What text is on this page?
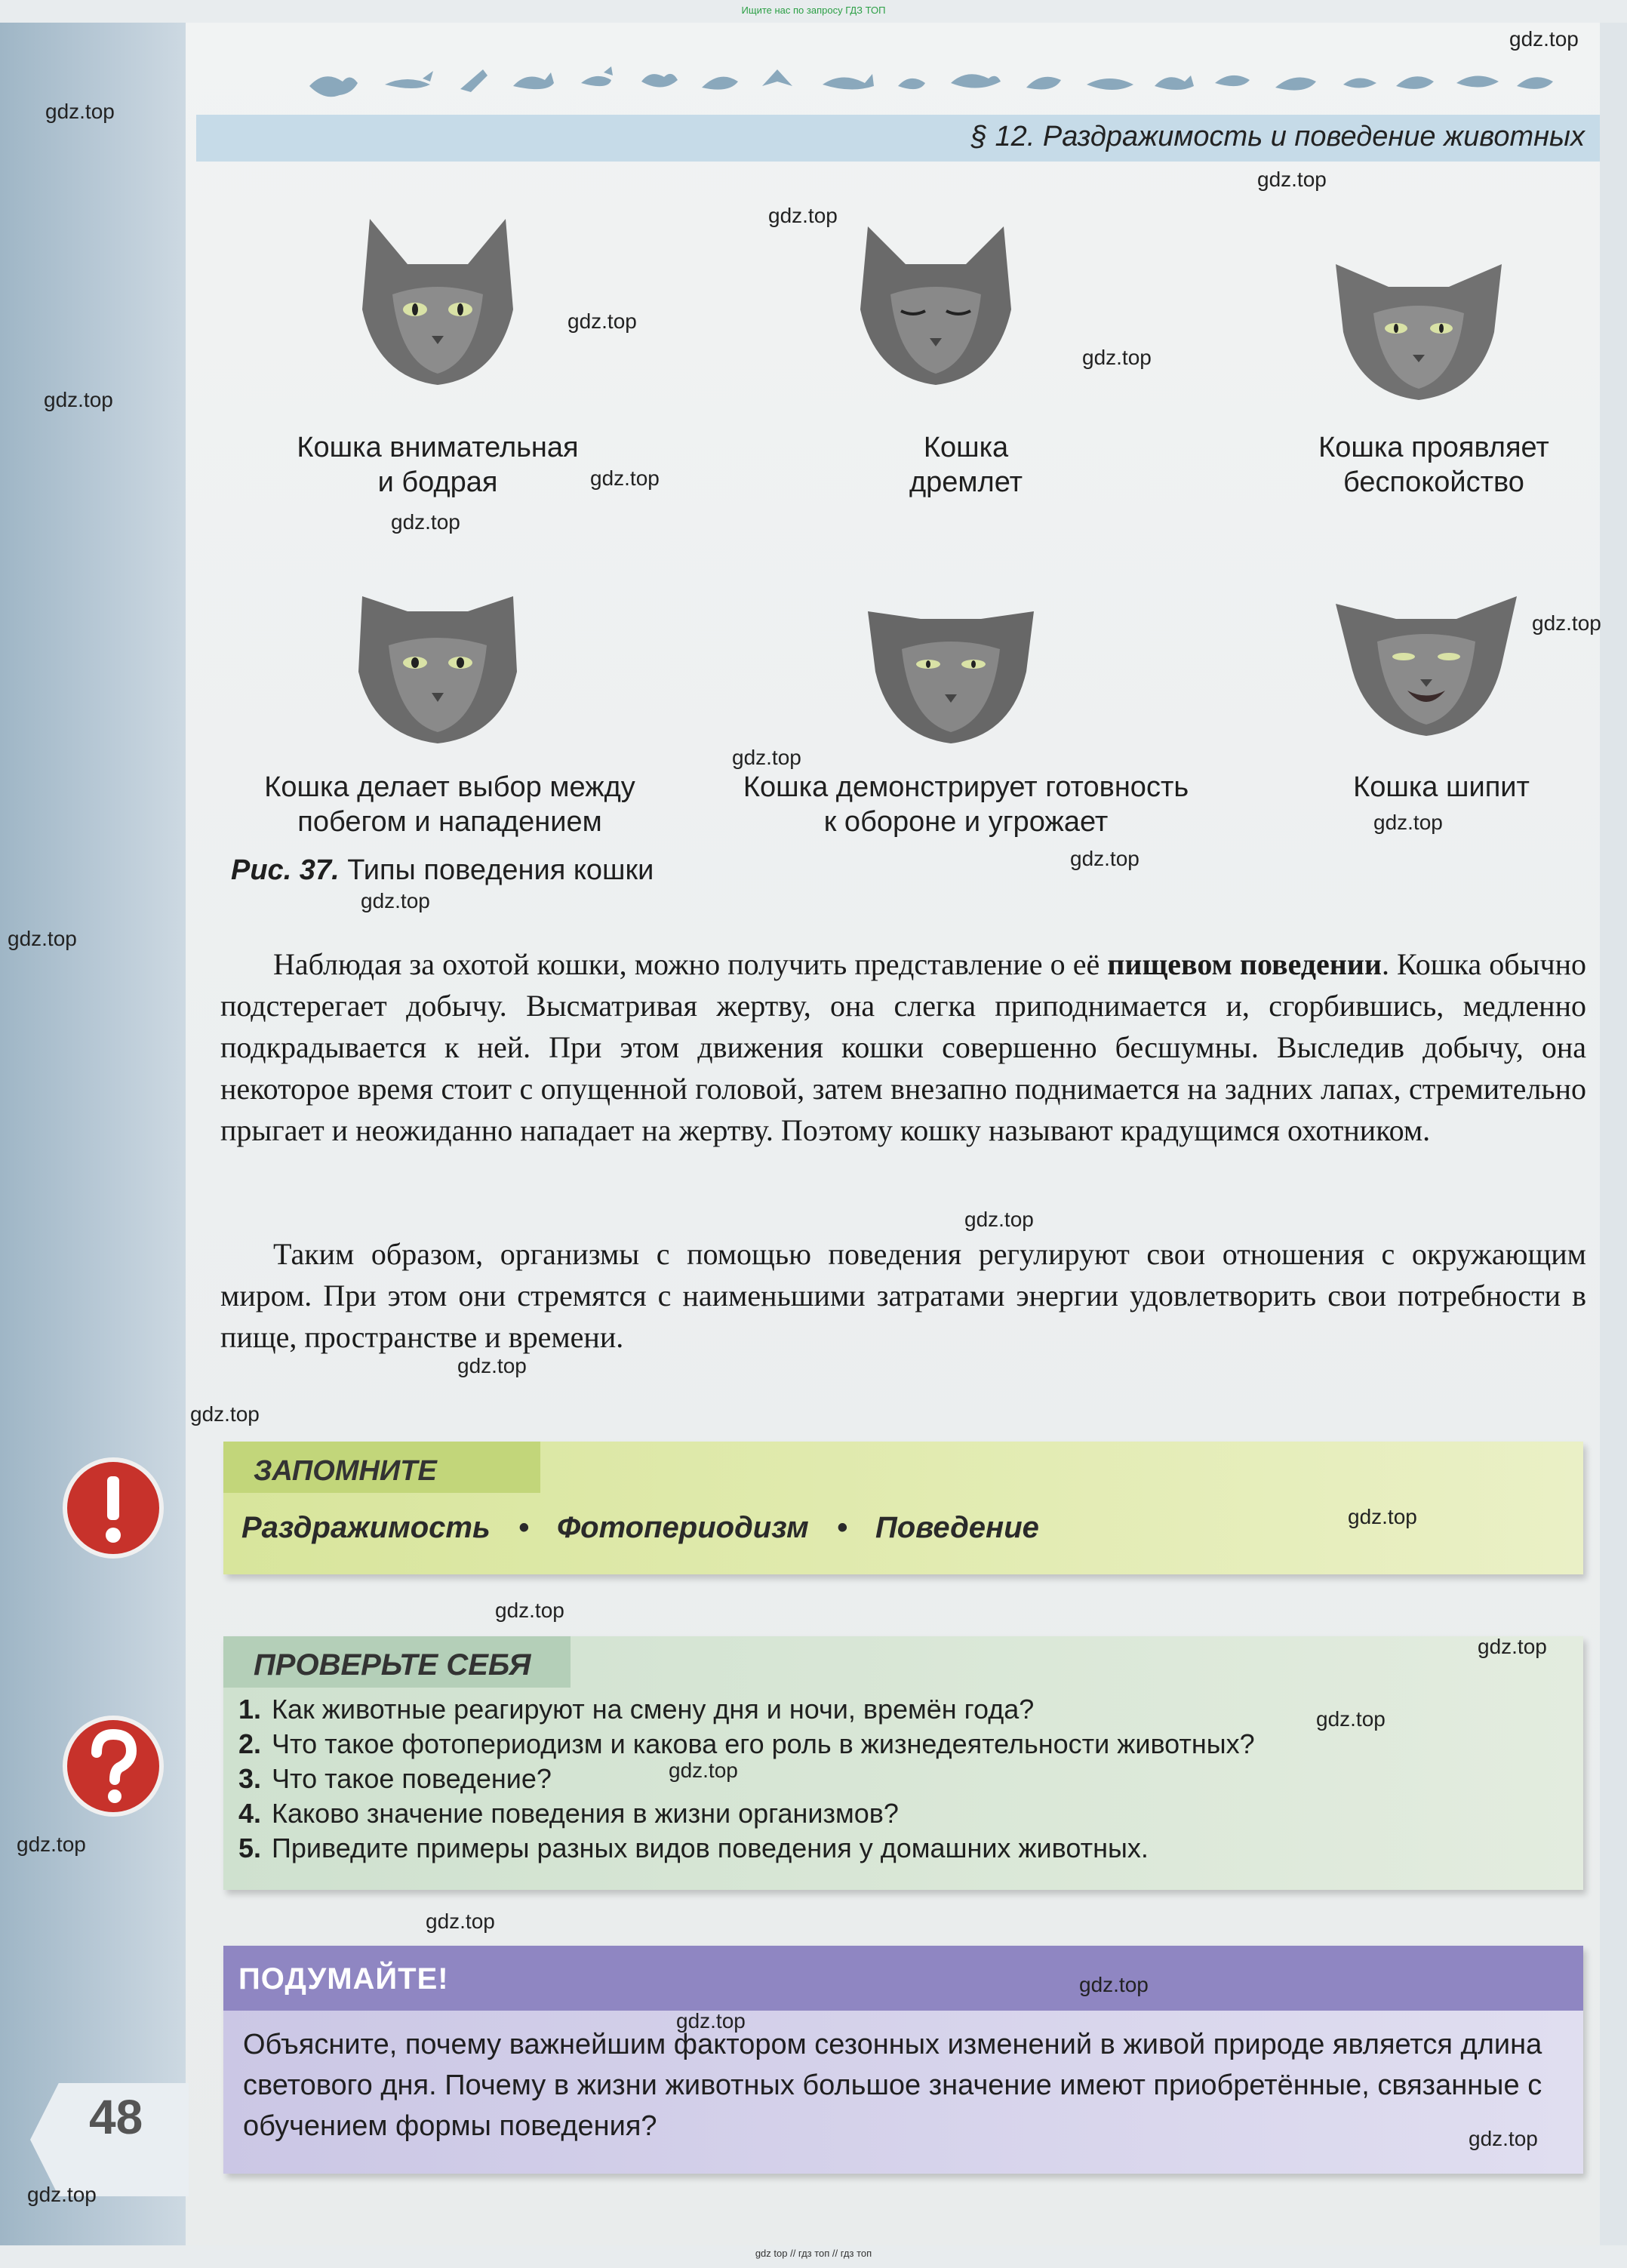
Ищите нас по запросу ГДЗ ТОП
§ 12. Раздражимость и поведение животных
Кошка внимательная
и бодрая
Кошка
дремлет
Кошка проявляет
беспокойство
Кошка делает выбор между
побегом и нападением
Кошка демонстрирует готовность
к обороне и угрожает
Кошка шипит
Рис. 37. Типы поведения кошки
Наблюдая за охотой кошки, можно получить представление о её пищевом поведении. Кошка обычно подстерегает добычу. Высматривая жертву, она слегка приподнимается и, сгорбившись, медленно подкрадывается к ней. При этом движения кошки совершенно бесшумны. Выследив добычу, она некоторое время стоит с опущенной головой, затем внезапно поднимается на задних лапах, стремительно прыгает и неожиданно нападает на жертву. Поэтому кошку называют крадущимся охотником.
Таким образом, организмы с помощью поведения регулируют свои отношения с окружающим миром. При этом они стремятся с наименьшими затратами энергии удовлетворить свои потребности в пище, пространстве и времени.
ЗАПОМНИТЕ
Раздражимость • Фотопериодизм • Поведение
ПРОВЕРЬТЕ СЕБЯ
1. Как животные реагируют на смену дня и ночи, времён года?
2. Что такое фотопериодизм и какова его роль в жизнедеятельности животных?
3. Что такое поведение?
4. Каково значение поведения в жизни организмов?
5. Приведите примеры разных видов поведения у домашних животных.
ПОДУМАЙТЕ!
Объясните, почему важнейшим фактором сезонных изменений в живой природе является длина светового дня. Почему в жизни животных большое значение имеют приобретённые, связанные с обучением формы поведения?
48
gdz.top
gdz.top
gdz.top
gdz.top
gdz.top
gdz.top
gdz.top
gdz.top
gdz.top
gdz.top
gdz.top
gdz.top
gdz.top
gdz.top
gdz.top
gdz.top
gdz.top
gdz.top
gdz.top
gdz.top
gdz.top
gdz.top
gdz.top
gdz.top
gdz.top
gdz.top
gdz.top
gdz.top
gdz.top
gdz top // гдз топ // гдз топ
